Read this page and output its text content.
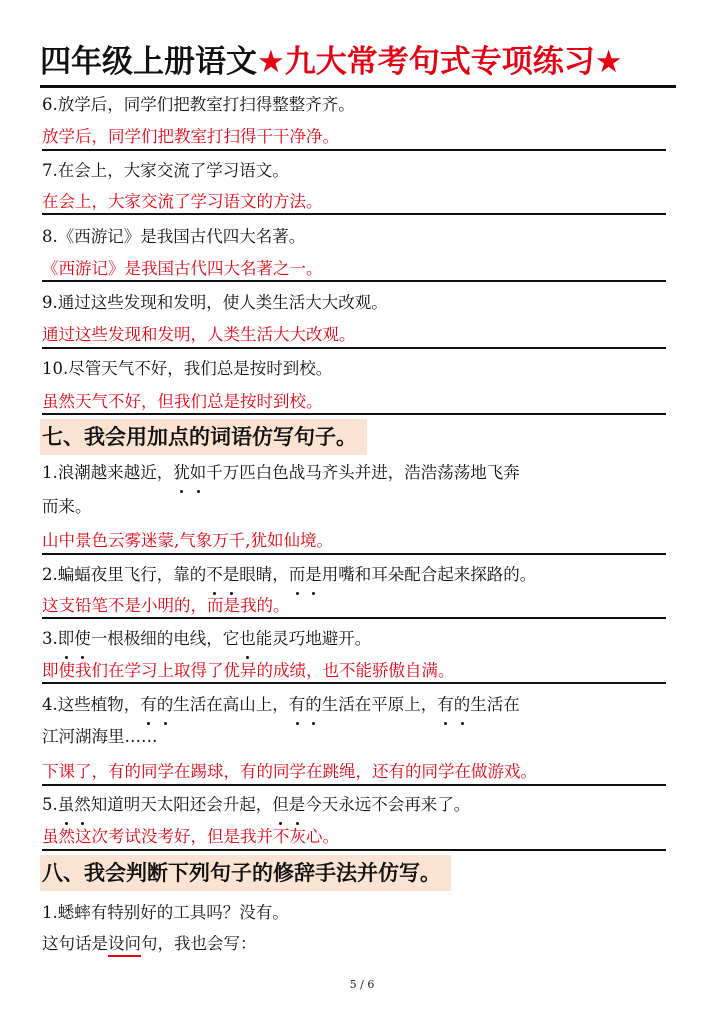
四年级上册语文★九大常考句式专项练习★
6.放学后，同学们把教室打扫得整整齐齐。
放学后，同学们把教室打扫得干干净净。
7.在会上，大家交流了学习语文。
在会上，大家交流了学习语文的方法。
8.《西游记》是我国古代四大名著。
《西游记》是我国古代四大名著之一。
9.通过这些发现和发明，使人类生活大大改观。
通过这些发现和发明，人类生活大大改观。
10.尽管天气不好，我们总是按时到校。
虽然天气不好，但我们总是按时到校。
七、我会用加点的词语仿写句子。
1.浪潮越来越近，犹如千万匹白色战马齐头并进，浩浩荡荡地飞奔
而来。
山中景色云雾迷蒙,气象万千,犹如仙境。
2.蝙蝠夜里飞行，靠的不是眼睛，而是用嘴和耳朵配合起来探路的。
这支铅笔不是小明的，而是我的。
3.即使一根极细的电线，它也能灵巧地避开。
即使我们在学习上取得了优异的成绩，也不能骄傲自满。
4.这些植物，有的生活在高山上，有的生活在平原上，有的生活在
江河湖海里……
下课了，有的同学在踢球，有的同学在跳绳，还有的同学在做游戏。
5.虽然知道明天太阳还会升起，但是今天永远不会再来了。
虽然这次考试没考好，但是我并不灰心。
八、我会判断下列句子的修辞手法并仿写。
1.蟋蟀有特别好的工具吗？没有。
这句话是设问句，我也会写：
5 / 6
